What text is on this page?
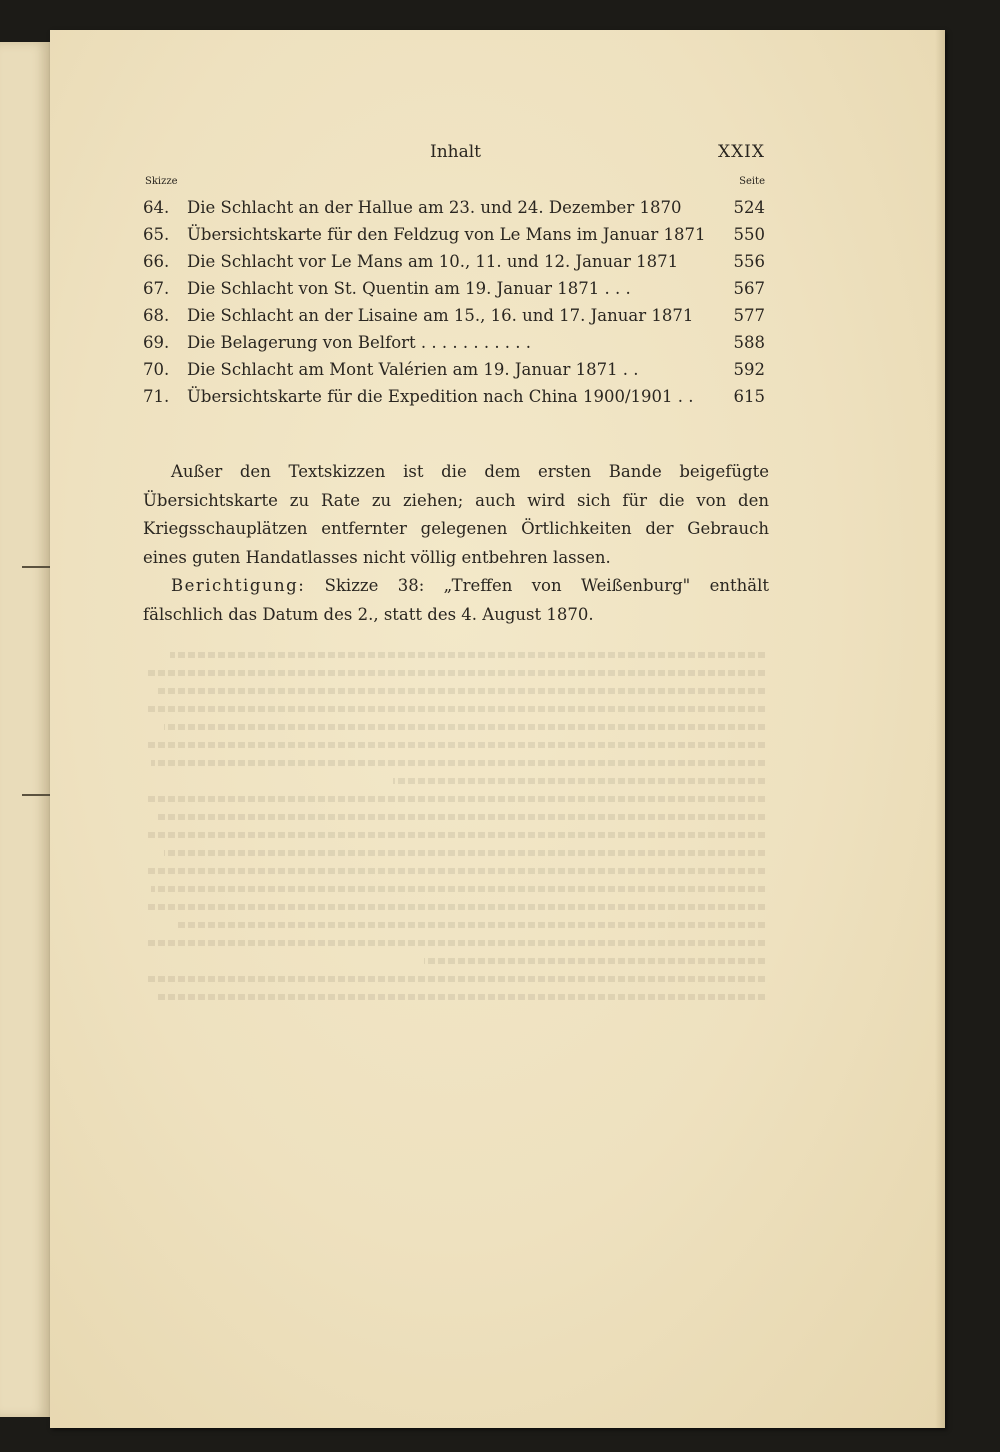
Inhalt	XXIX
Skizze	Seite
64. Die Schlacht an der Hallue am 23. und 24. Dezember 1870	524
65. Übersichtskarte für den Feldzug von Le Mans im Januar 1871 550
66. Die Schlacht vor Le Mans am 10., 11. und 12. Januar 1871	556
67. Die Schlacht von St. Quentin am 19. Januar 1871 . . .	567
68. Die Schlacht an der Lisaine am 15., 16. und 17. Januar 1871 577
69. Die Belagerung von Belfort . . . . . . . . . . .	588
70. Die Schlacht am Mont Valérien am 19. Januar 1871 . .	592
71. Übersichtskarte für die Expedition nach China 1900/1901 . . 615

Außer den Textskizzen ist die dem ersten Bande beigefügte Übersichtskarte zu Rate zu ziehen; auch wird sich für die von den Kriegsschauplätzen entfernter gelegenen Örtlichkeiten der Gebrauch eines guten Handatlasses nicht völlig entbehren lassen.

Berichtigung: Skizze 38: „Treffen von Weißenburg" enthält fälschlich das Datum des 2., statt des 4. August 1870.
